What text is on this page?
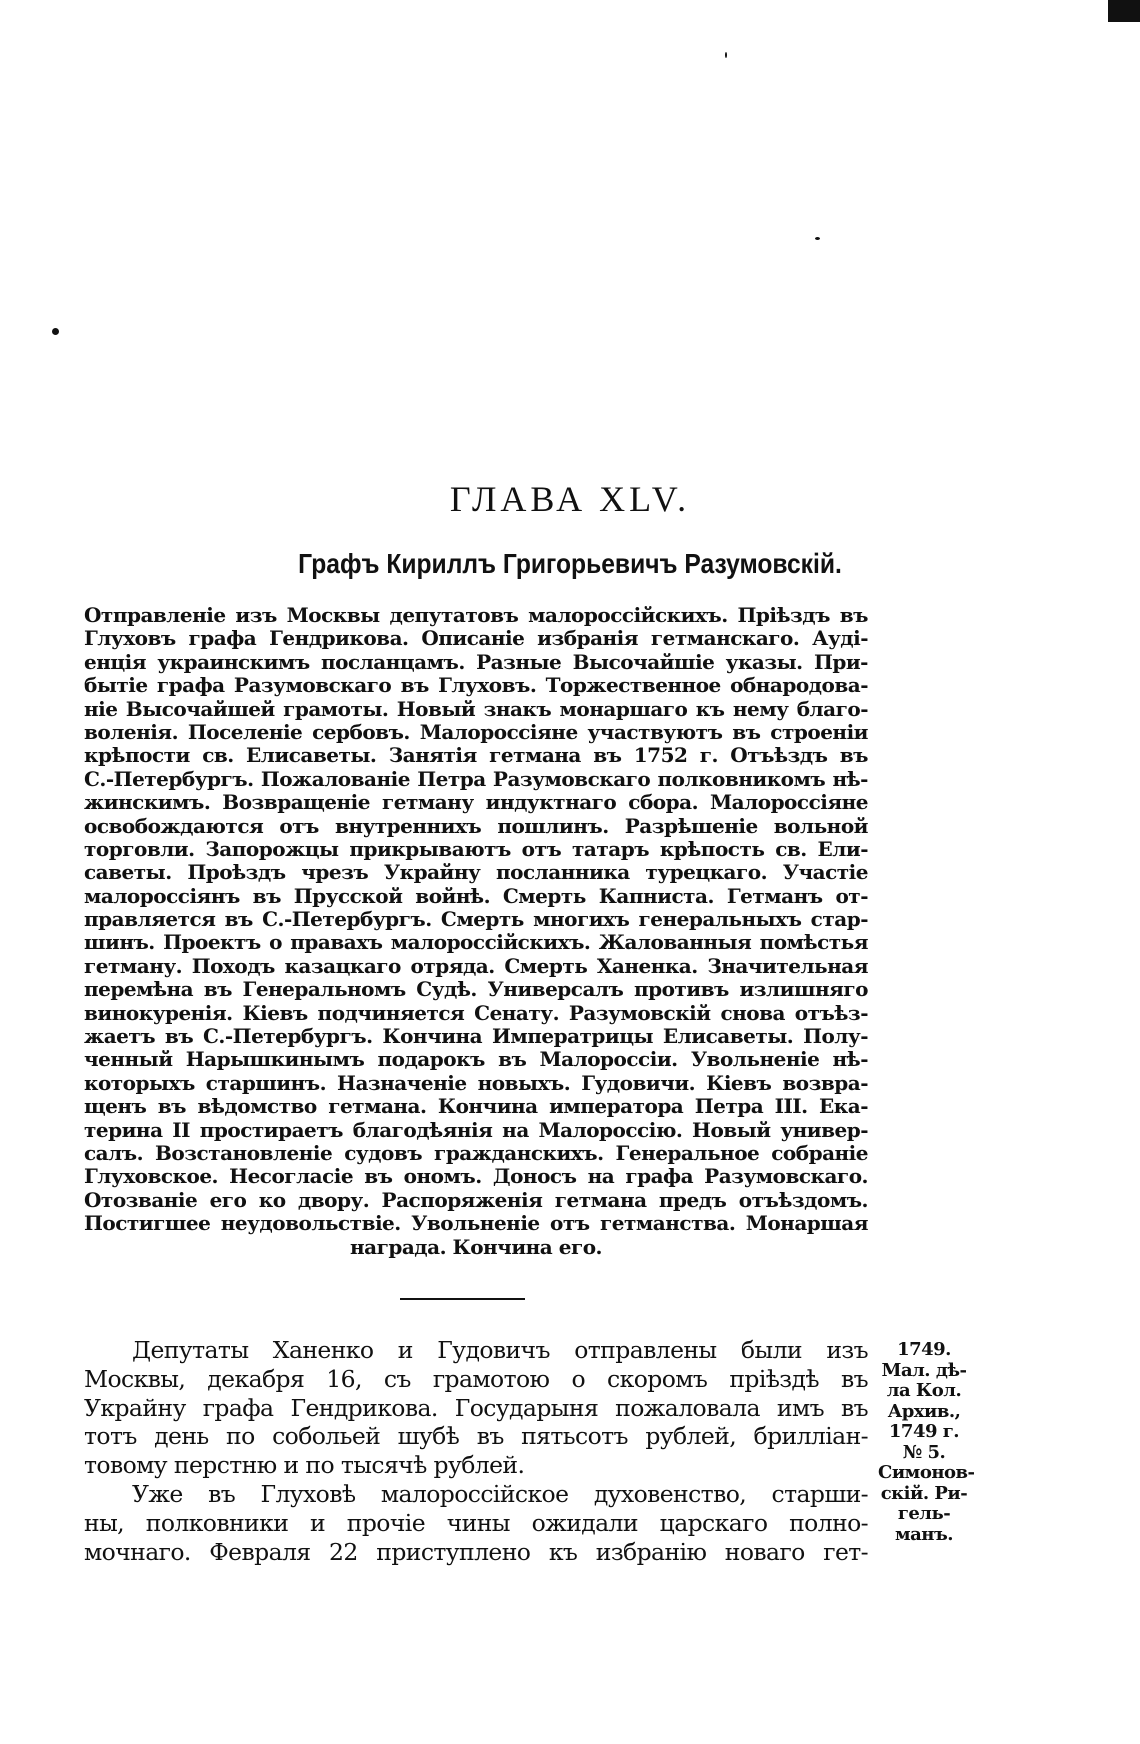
ГЛАВА XLV.
Графъ Кириллъ Григорьевичъ Разумовскій.
Отправленіе изъ Москвы депутатовъ малороссійскихъ. Пріѣздъ въ
Глуховъ графа Гендрикова. Описаніе избранія гетманскаго. Ауді-
енція украинскимъ посланцамъ. Разные Высочайшіе указы. При-
бытіе графа Разумовскаго въ Глуховъ. Торжественное обнародова-
ніе Высочайшей грамоты. Новый знакъ монаршаго къ нему благо-
воленія. Поселеніе сербовъ. Малороссіяне участвуютъ въ строеніи
крѣпости св. Елисаветы. Занятія гетмана въ 1752 г. Отъѣздъ въ
С.-Петербургъ. Пожалованіе Петра Разумовскаго полковникомъ нѣ-
жинскимъ. Возвращеніе гетману индуктнаго сбора. Малороссіяне
освобождаются отъ внутреннихъ пошлинъ. Разрѣшеніе вольной
торговли. Запорожцы прикрываютъ отъ татаръ крѣпость св. Ели-
саветы. Проѣздъ чрезъ Украйну посланника турецкаго. Участіе
малороссіянъ въ Прусской войнѣ. Смерть Капниста. Гетманъ от-
правляется въ С.-Петербургъ. Смерть многихъ генеральныхъ стар-
шинъ. Проектъ о правахъ малороссійскихъ. Жалованныя помѣстья
гетману. Походъ казацкаго отряда. Смерть Ханенка. Значительная
перемѣна въ Генеральномъ Судѣ. Универсалъ противъ излишняго
винокуренія. Кіевъ подчиняется Сенату. Разумовскій снова отъѣз-
жаетъ въ С.-Петербургъ. Кончина Императрицы Елисаветы. Полу-
ченный Нарышкинымъ подарокъ въ Малороссіи. Увольненіе нѣ-
которыхъ старшинъ. Назначеніе новыхъ. Гудовичи. Кіевъ возвра-
щенъ въ вѣдомство гетмана. Кончина императора Петра III. Ека-
терина II простираетъ благодѣянія на Малороссію. Новый универ-
салъ. Возстановленіе судовъ гражданскихъ. Генеральное собраніе
Глуховское. Несогласіе въ ономъ. Доносъ на графа Разумовскаго.
Отозваніе его ко двору. Распоряженія гетмана предъ отъѣздомъ.
Постигшее неудовольствіе. Увольненіе отъ гетманства. Монаршая
награда. Кончина его.
Депутаты Ханенко и Гудовичъ отправлены были изъ
Москвы, декабря 16, съ грамотою о скоромъ пріѣздѣ въ
Украйну графа Гендрикова. Государыня пожаловала имъ въ
тотъ день по собольей шубѣ въ пятьсотъ рублей, брилліан-
товому перстню и по тысячѣ рублей.
Уже въ Глуховѣ малороссійское духовенство, старши-
ны, полковники и прочіе чины ожидали царскаго полно-
мочнаго. Февраля 22 приступлено къ избранію новаго гет-
1749.
Мал. дѣ-
ла Кол.
Архив.,
1749 г.
№ 5.
Симонов-
скій. Ри-
гель-
манъ.
